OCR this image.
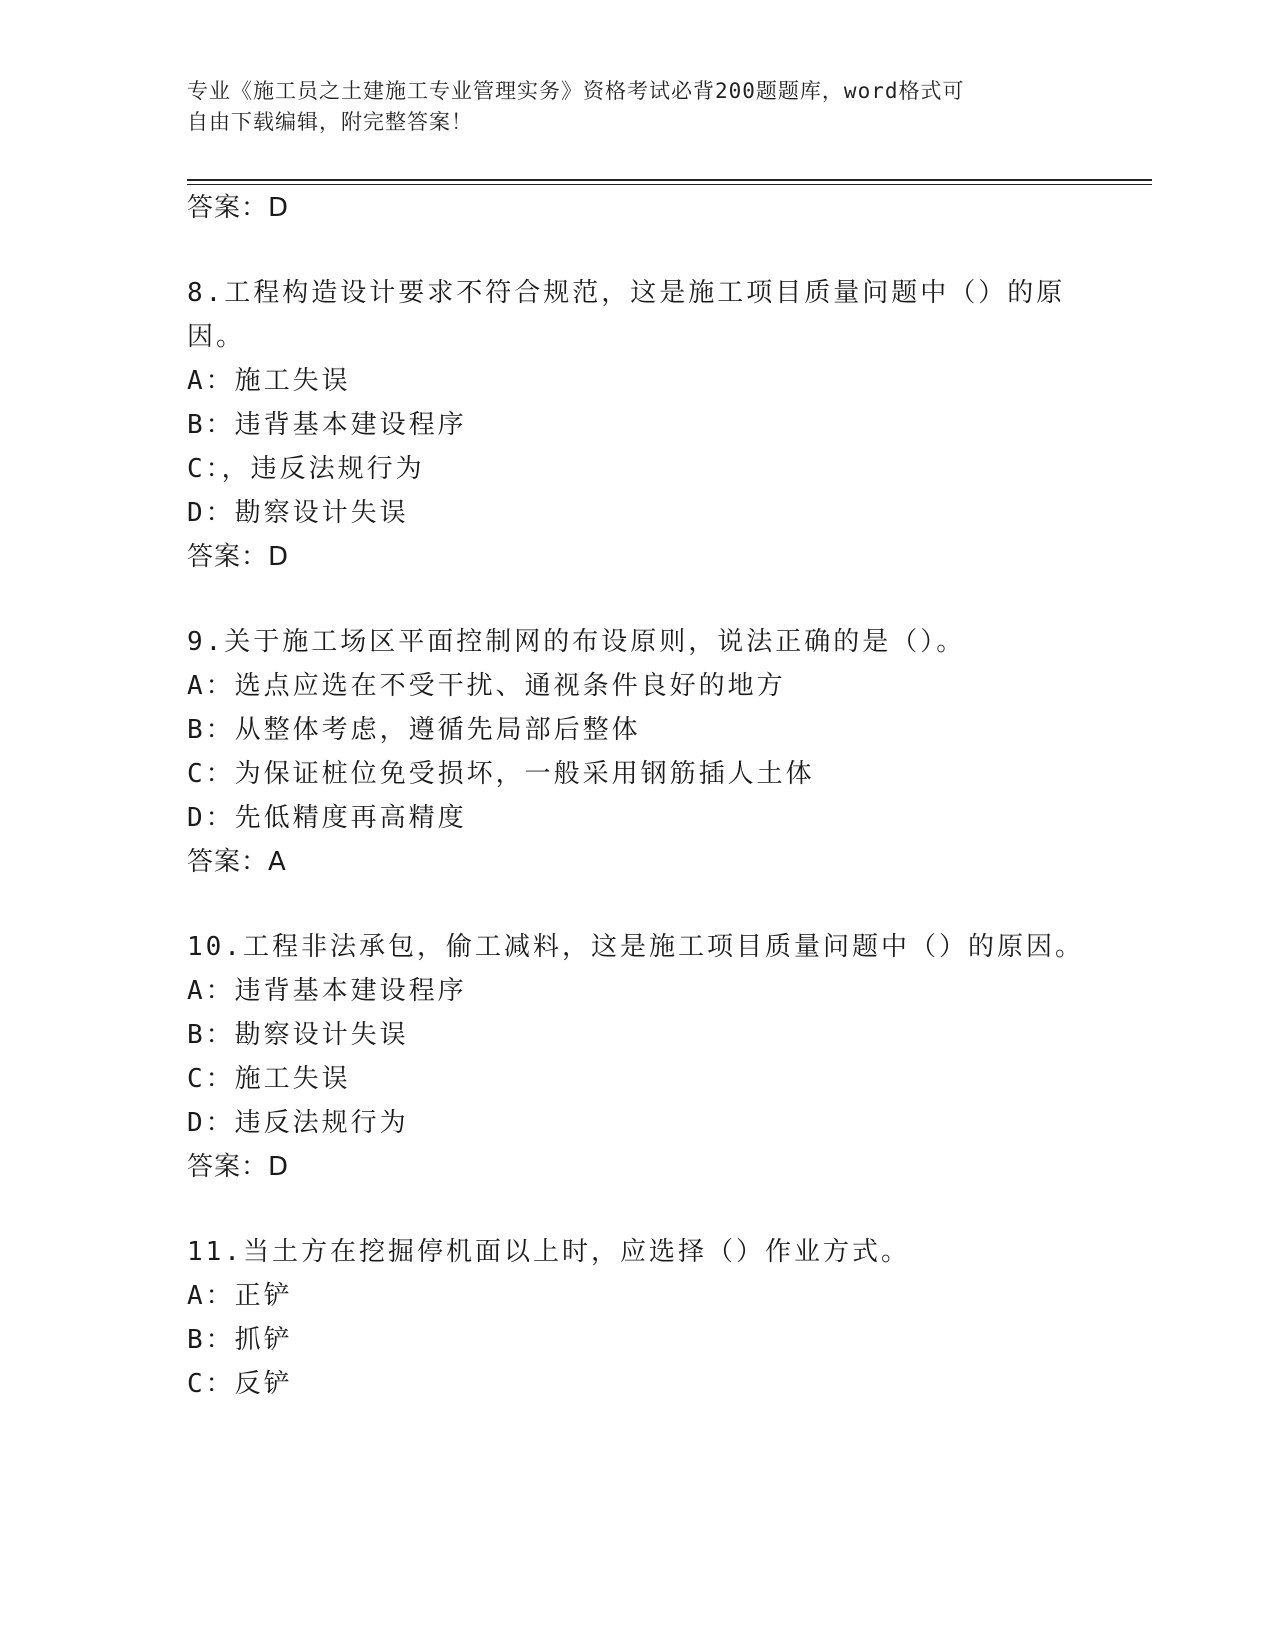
专业《施工员之土建施工专业管理实务》资格考试必背200题题库，word格式可
自由下载编辑，附完整答案！
答案：D
8.工程构造设计要求不符合规范，这是施工项目质量问题中（）的原
因。
A：施工失误
B：违背基本建设程序
C：，违反法规行为
D：勘察设计失误
答案：D
9.关于施工场区平面控制网的布设原则，说法正确的是（）。
A：选点应选在不受干扰、通视条件良好的地方
B：从整体考虑，遵循先局部后整体
C：为保证桩位免受损坏，一般采用钢筋插人土体
D：先低精度再高精度
答案：A
10.工程非法承包，偷工减料，这是施工项目质量问题中（）的原因。
A：违背基本建设程序
B：勘察设计失误
C：施工失误
D：违反法规行为
答案：D
11.当土方在挖掘停机面以上时，应选择（）作业方式。
A：正铲
B：抓铲
C：反铲
